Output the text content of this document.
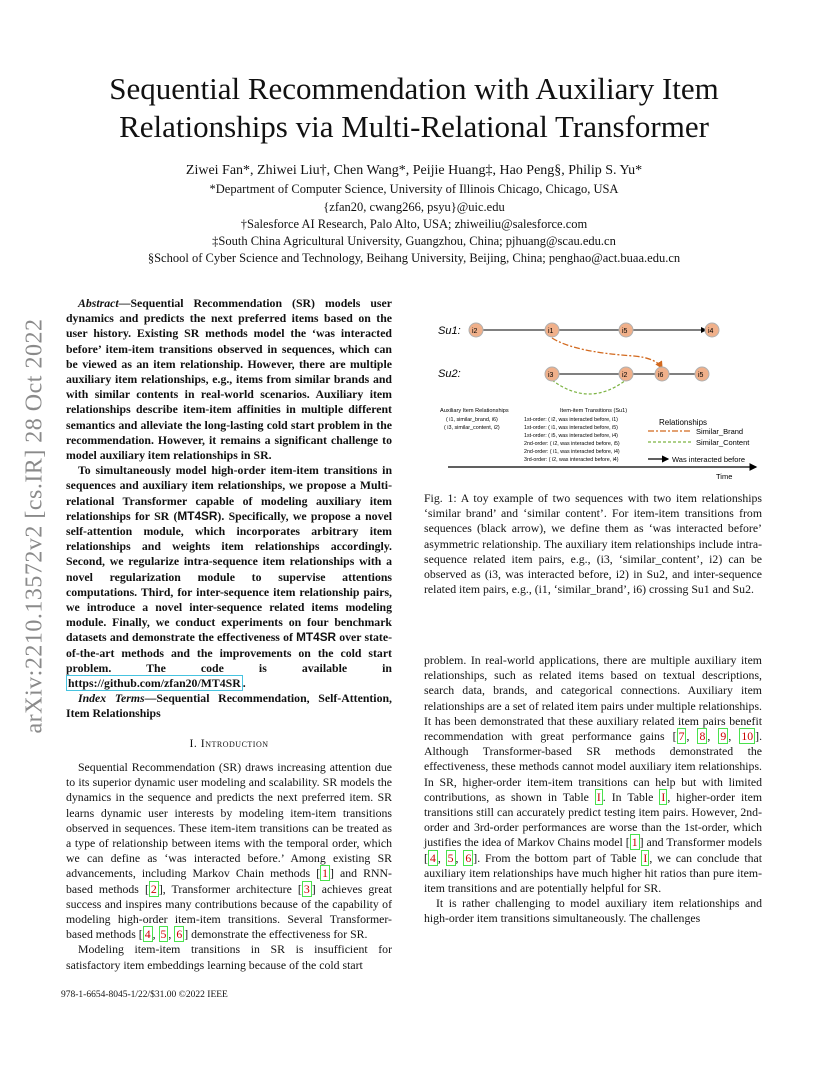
Sequential Recommendation with Auxiliary Item Relationships via Multi-Relational Transformer
Ziwei Fan*, Zhiwei Liu†, Chen Wang*, Peijie Huang‡, Hao Peng§, Philip S. Yu*
*Department of Computer Science, University of Illinois Chicago, Chicago, USA
{zfan20, cwang266, psyu}@uic.edu
†Salesforce AI Research, Palo Alto, USA; zhiweiliu@salesforce.com
‡South China Agricultural University, Guangzhou, China; pjhuang@scau.edu.cn
§School of Cyber Science and Technology, Beihang University, Beijing, China; penghao@act.buaa.edu.cn
arXiv:2210.13572v2 [cs.IR] 28 Oct 2022

Abstract—Sequential Recommendation (SR) models user dynamics and predicts the next preferred items based on the user history. Existing SR methods model the ‘was interacted before’ item-item transitions observed in sequences, which can be viewed as an item relationship. However, there are multiple auxiliary item relationships, e.g., items from similar brands and with similar contents in real-world scenarios. Auxiliary item relationships describe item-item affinities in multiple different semantics and alleviate the long-lasting cold start problem in the recommendation. However, it remains a significant challenge to model auxiliary item relationships in SR.

To simultaneously model high-order item-item transitions in sequences and auxiliary item relationships, we propose a Multi-relational Transformer capable of modeling auxiliary item relationships for SR (MT4SR). Specifically, we propose a novel self-attention module, which incorporates arbitrary item relationships and weights item relationships accordingly. Second, we regularize intra-sequence item relationships with a novel regularization module to supervise attentions computations. Third, for inter-sequence item relationship pairs, we introduce a novel inter-sequence related items modeling module. Finally, we conduct experiments on four benchmark datasets and demonstrate the effectiveness of MT4SR over state-of-the-art methods and the improvements on the cold start problem. The code is available in https://github.com/zfan20/MT4SR .

Index Terms—Sequential Recommendation, Self-Attention, Item Relationships

I. Introduction

Sequential Recommendation (SR) draws increasing attention due to its superior dynamic user modeling and scalability. SR models the dynamics in the sequence and predicts the next preferred item. SR learns dynamic user interests by modeling item-item transitions observed in sequences. These item-item transitions can be treated as a type of relationship between items with the temporal order, which we can define as ‘was interacted before.’ Among existing SR advancements, including Markov Chain methods [ 1 ] and RNN-based methods [ 2 ], Transformer architecture [ 3 ] achieves great success and inspires many contributions because of the capability of modeling high-order item-item transitions. Several Transformer-based methods [ 4 , 5 , 6 ] demonstrate the effectiveness for SR.

Modeling item-item transitions in SR is insufficient for satisfactory item embeddings learning because of the cold start

Su1:
Su2:
i2	i1	i5	i4
i3	i2	i6	i5
Auxiliary Item Relationships
( i1, similar_brand, i6)
( i3, similar_content, i2)
Item-item Transitions (Su1)
1st-order: ( i2, was interacted before, i1)
1st-order: ( i1, was interacted before, i5)
1st-order: ( i5, was interacted before, i4)
2nd-order: ( i2, was interacted before, i5)
2nd-order: ( i1, was interacted before, i4)
3rd-order: ( i2, was interacted before, i4)
Relationships
Similar_Brand
Similar_Content
Was interacted before
Time
Fig. 1: A toy example of two sequences with two item relationships ‘similar brand’ and ‘similar content’. For item-item transitions from sequences (black arrow), we define them as ‘was interacted before’ asymmetric relationship. The auxiliary item relationships include intra-sequence related item pairs, e.g., (i3, ‘similar_content’, i2) can be observed as (i3, was interacted before, i2) in Su2, and inter-sequence related item pairs, e.g., (i1, ‘similar_brand’, i6) crossing Su1 and Su2.

problem. In real-world applications, there are multiple auxiliary item relationships, such as related items based on textual descriptions, search data, brands, and categorical connections. Auxiliary item relationships are a set of related item pairs under multiple relationships. It has been demonstrated that these auxiliary related item pairs benefit recommendation with great performance gains [ 7 , 8 , 9 , 10 ]. Although Transformer-based SR methods demonstrated the effectiveness, these methods cannot model auxiliary item relationships. In SR, higher-order item-item transitions can help but with limited contributions, as shown in Table I . In Table I , higher-order item transitions still can accurately predict testing item pairs. However, 2nd-order and 3rd-order performances are worse than the 1st-order, which justifies the idea of Markov Chains model [ 1 ] and Transformer models [ 4 , 5 , 6 ]. From the bottom part of Table I , we can conclude that auxiliary item relationships have much higher hit ratios than pure item-item transitions and are potentially helpful for SR.

It is rather challenging to model auxiliary item relationships and high-order item transitions simultaneously. The challenges

978-1-6654-8045-1/22/$31.00 ©2022 IEEE
